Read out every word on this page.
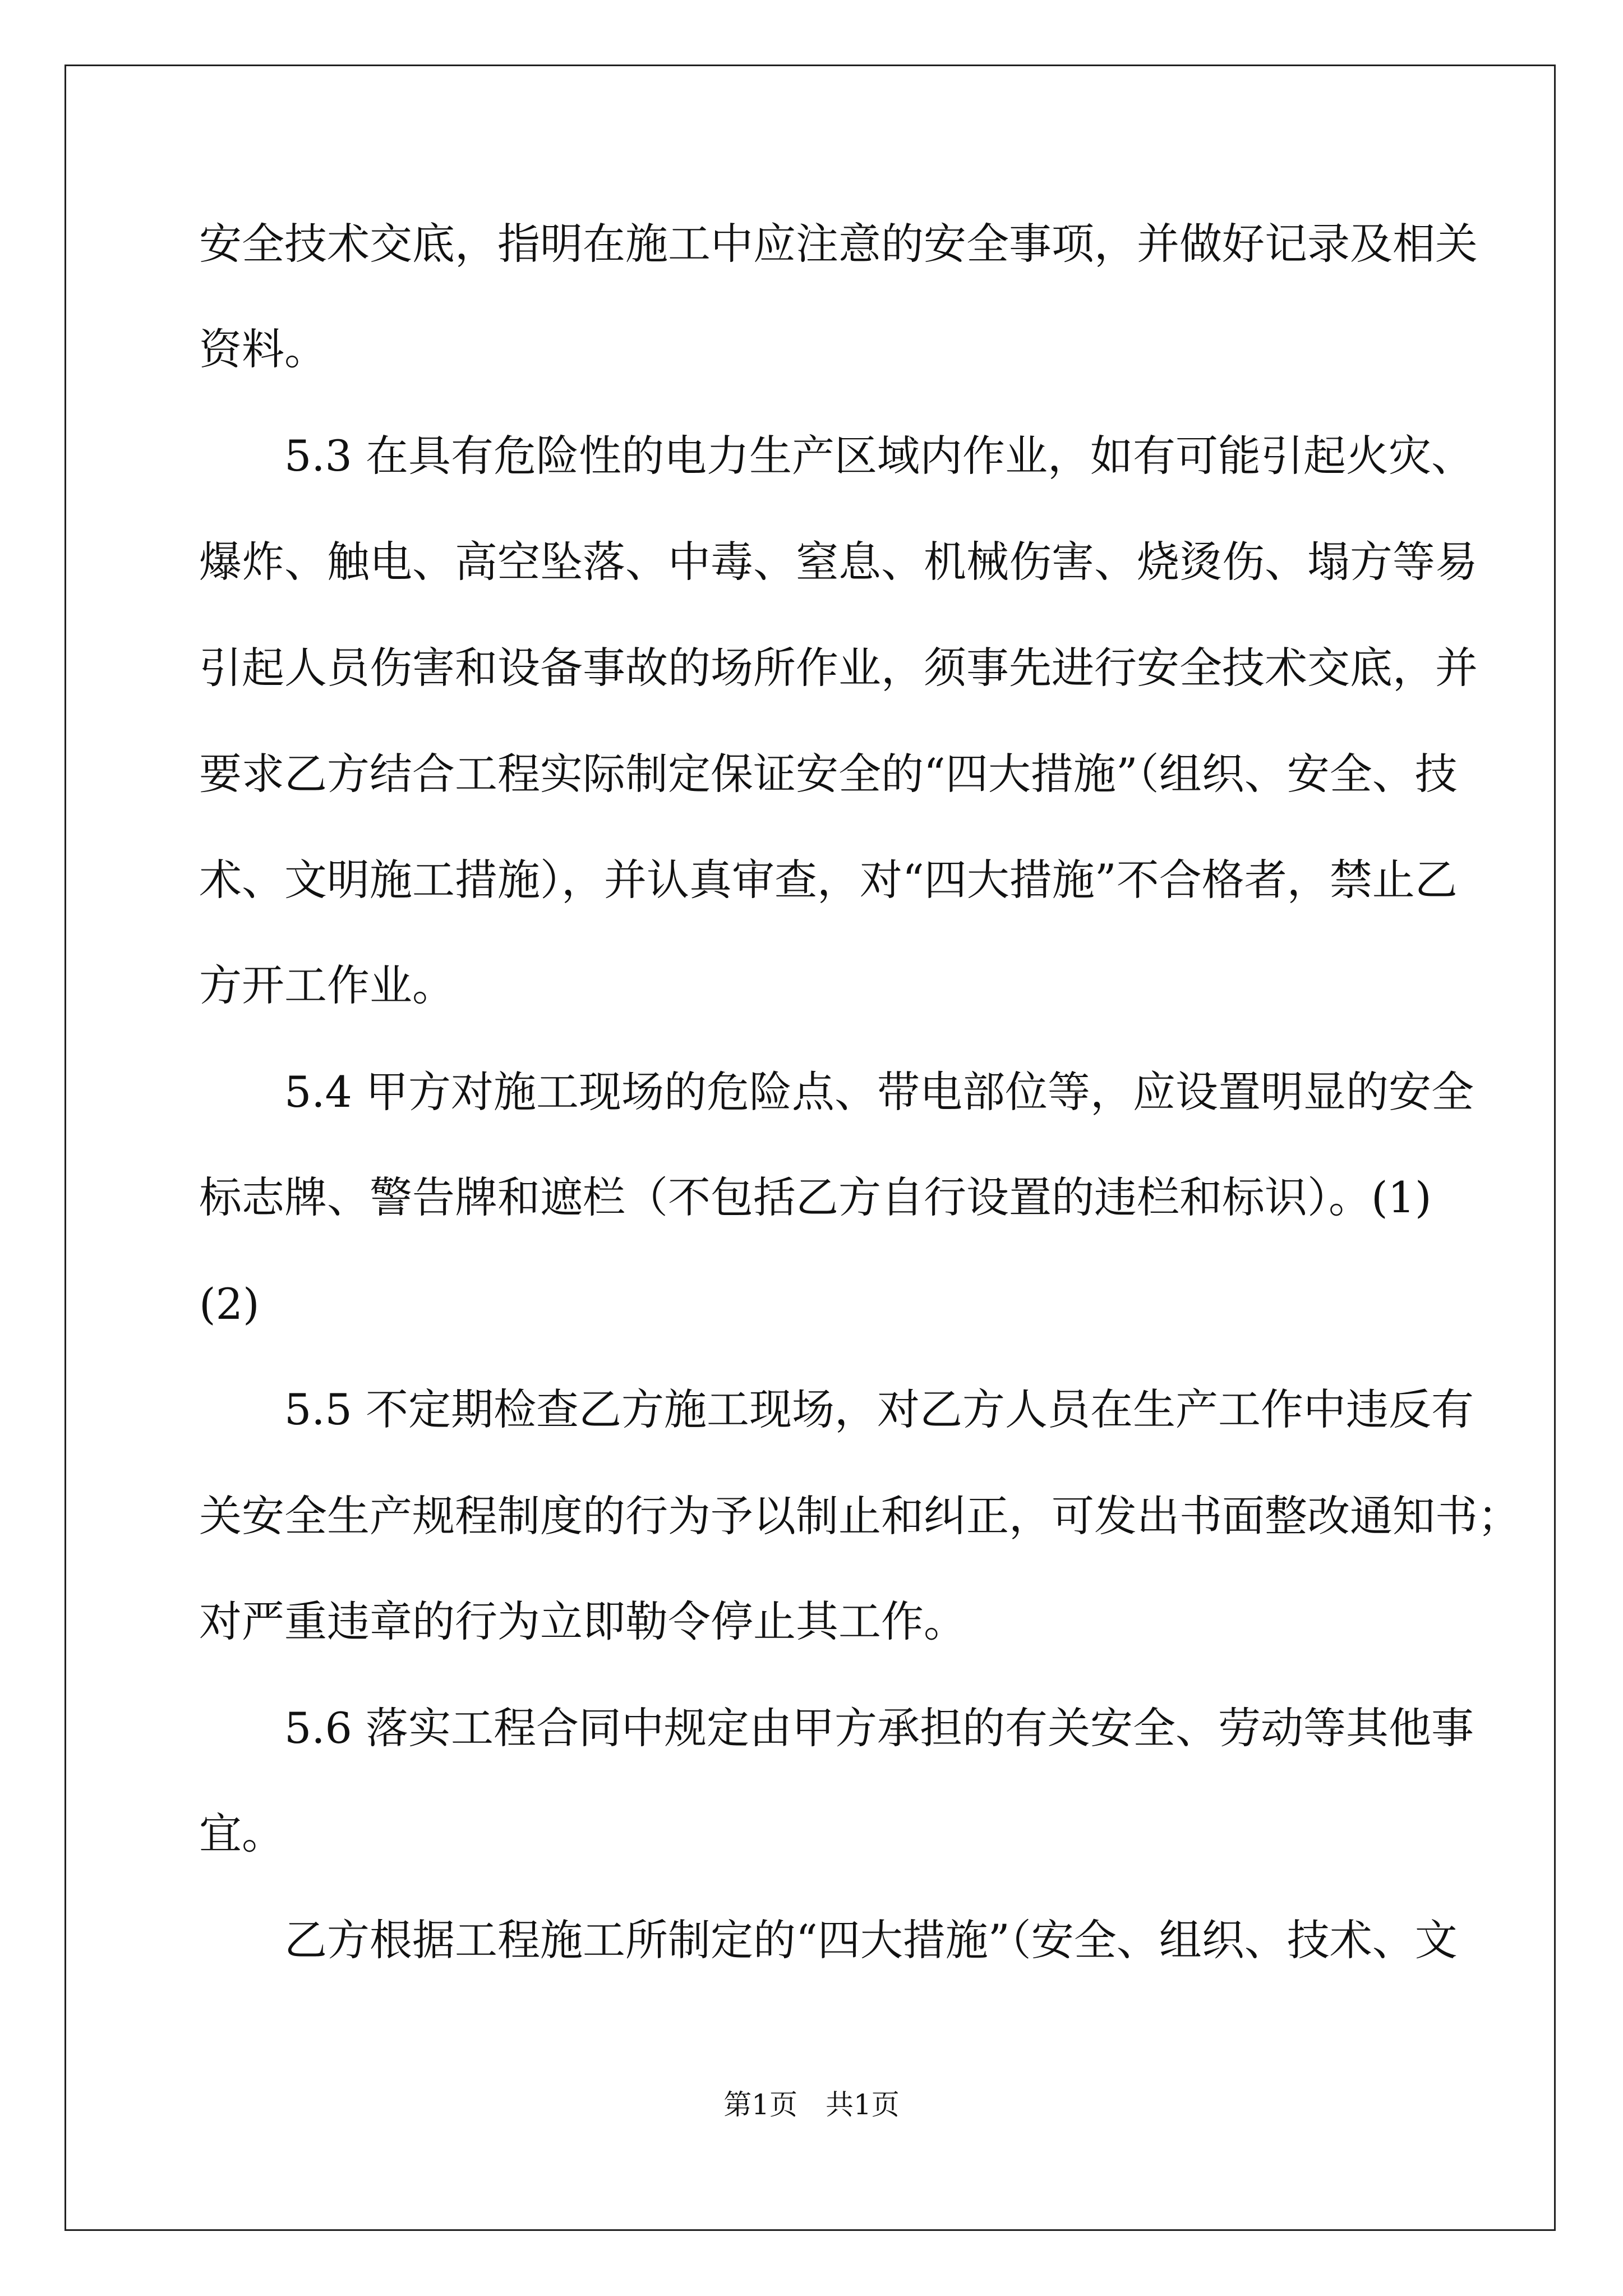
安全技术交底，指明在施工中应注意的安全事项，并做好记录及相关
资料。
5.3 在具有危险性的电力生产区域内作业，如有可能引起火灾、
爆炸、触电、高空坠落、中毒、窒息、机械伤害、烧烫伤、塌方等易
引起人员伤害和设备事故的场所作业，须事先进行安全技术交底，并
要求乙方结合工程实际制定保证安全的“四大措施”（组织、安全、技
术、文明施工措施），并认真审查，对“四大措施”不合格者，禁止乙
方开工作业。
5.4 甲方对施工现场的危险点、带电部位等，应设置明显的安全
标志牌、警告牌和遮栏（不包括乙方自行设置的违栏和标识）。(1)
(2)
5.5 不定期检查乙方施工现场，对乙方人员在生产工作中违反有
关安全生产规程制度的行为予以制止和纠正，可发出书面整改通知书；
对严重违章的行为立即勒令停止其工作。
5.6 落实工程合同中规定由甲方承担的有关安全、劳动等其他事
宜。
乙方根据工程施工所制定的“四大措施”（安全、组织、技术、文
第1页　共1页
